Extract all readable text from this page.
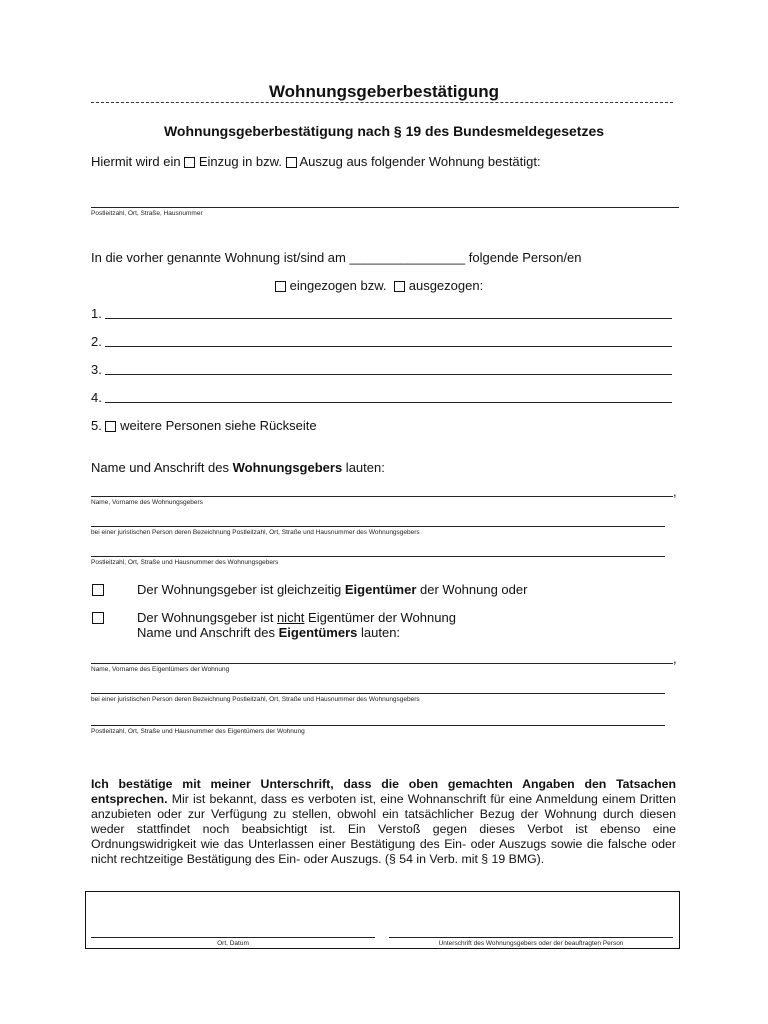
Wohnungsgeberbestätigung
Wohnungsgeberbestätigung nach § 19 des Bundesmeldegesetzes
Hiermit wird ein Einzug in bzw. Auszug aus folgender Wohnung bestätigt:
Postleitzahl, Ort, Straße, Hausnummer
In die vorher genannte Wohnung ist/sind am ________________ folgende Person/en
eingezogen bzw. ausgezogen:
1.
2.
3.
4.
5. weitere Personen siehe Rückseite
Name und Anschrift des Wohnungsgebers lauten:
,
Name, Vorname des Wohnungsgebers
bei einer juristischen Person deren Bezeichnung Postleitzahl, Ort, Straße und Hausnummer des Wohnungsgebers
Postleitzahl, Ort, Straße und Hausnummer des Wohnungsgebers
Der Wohnungsgeber ist gleichzeitig Eigentümer der Wohnung oder
Der Wohnungsgeber ist nicht Eigentümer der Wohnung
Name und Anschrift des Eigentümers lauten:
,
Name, Vorname des Eigentümers der Wohnung
bei einer juristischen Person deren Bezeichnung Postleitzahl, Ort, Straße und Hausnummer des Wohnungsgebers
Postleitzahl, Ort, Straße und Hausnummer des Eigentümers der Wohnung
Ich bestätige mit meiner Unterschrift, dass die oben gemachten Angaben den Tatsachen entsprechen. Mir ist bekannt, dass es verboten ist, eine Wohnanschrift für eine Anmeldung einem Dritten anzubieten oder zur Verfügung zu stellen, obwohl ein tatsächlicher Bezug der Wohnung durch diesen weder stattfindet noch beabsichtigt ist. Ein Verstoß gegen dieses Verbot ist ebenso eine Ordnungswidrigkeit wie das Unterlassen einer Bestätigung des Ein- oder Auszugs sowie die falsche oder nicht rechtzeitige Bestätigung des Ein- oder Auszugs. (§ 54 in Verb. mit § 19 BMG).
Ort, Datum	Unterschrift des Wohnungsgebers oder der beauftragten Person
